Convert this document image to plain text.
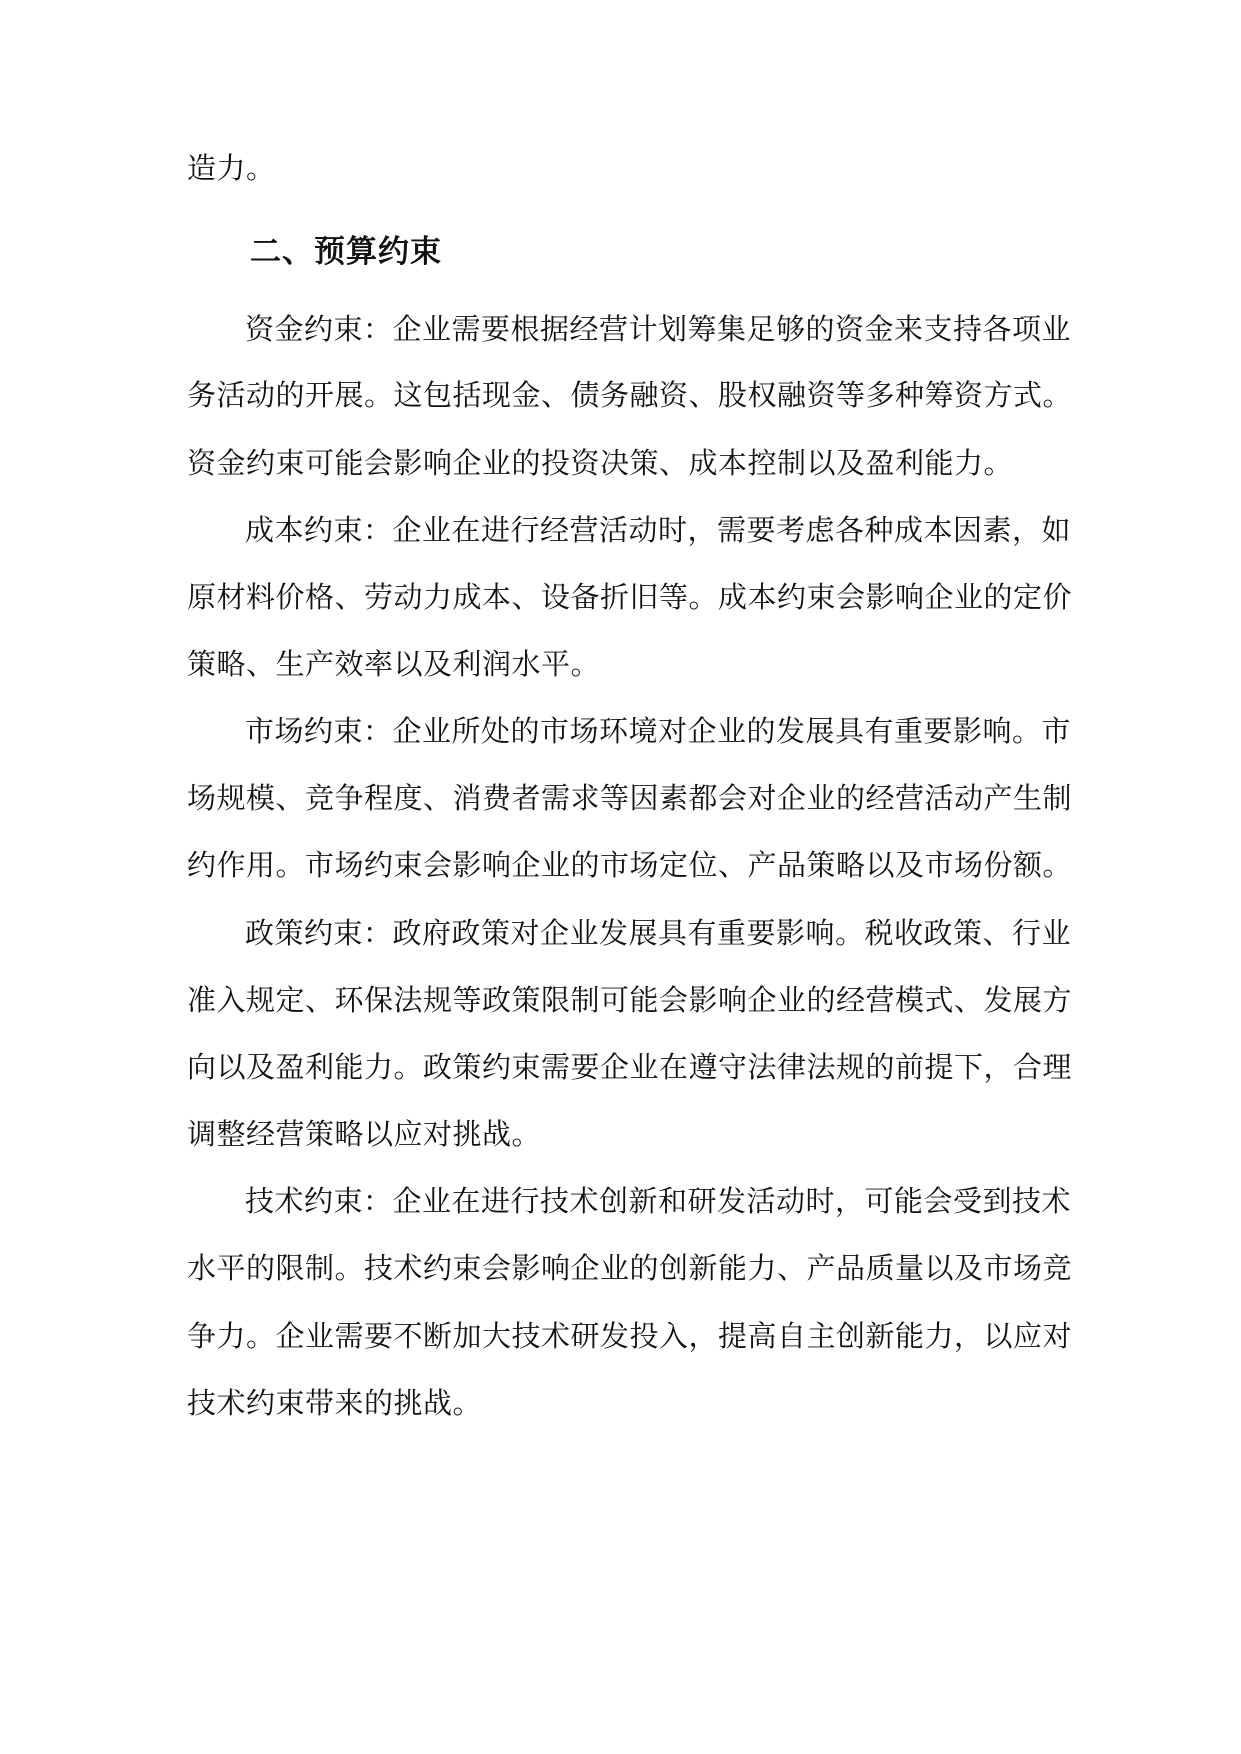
造力。
二、预算约束
资金约束：企业需要根据经营计划筹集足够的资金来支持各项业
务活动的开展。这包括现金、债务融资、股权融资等多种筹资方式。
资金约束可能会影响企业的投资决策、成本控制以及盈利能力。
成本约束：企业在进行经营活动时，需要考虑各种成本因素，如
原材料价格、劳动力成本、设备折旧等。成本约束会影响企业的定价
策略、生产效率以及利润水平。
市场约束：企业所处的市场环境对企业的发展具有重要影响。市
场规模、竞争程度、消费者需求等因素都会对企业的经营活动产生制
约作用。市场约束会影响企业的市场定位、产品策略以及市场份额。
政策约束：政府政策对企业发展具有重要影响。税收政策、行业
准入规定、环保法规等政策限制可能会影响企业的经营模式、发展方
向以及盈利能力。政策约束需要企业在遵守法律法规的前提下，合理
调整经营策略以应对挑战。
技术约束：企业在进行技术创新和研发活动时，可能会受到技术
水平的限制。技术约束会影响企业的创新能力、产品质量以及市场竞
争力。企业需要不断加大技术研发投入，提高自主创新能力，以应对
技术约束带来的挑战。
